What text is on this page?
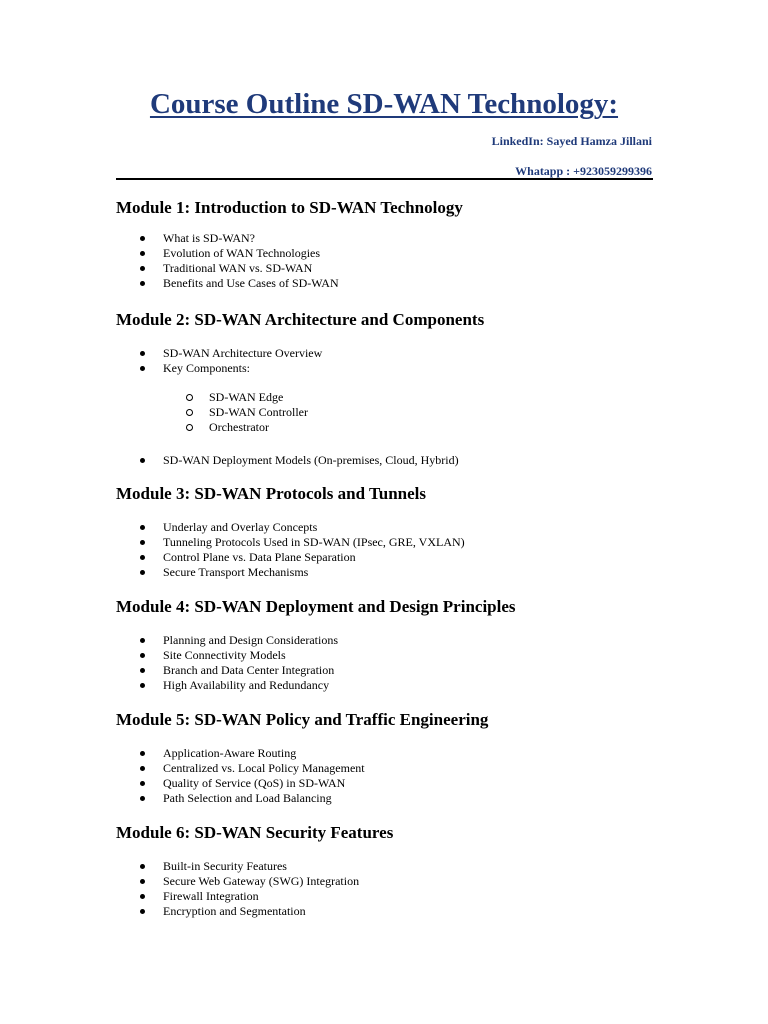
Course Outline SD-WAN Technology:
LinkedIn: Sayed Hamza Jillani
Whatapp : +923059299396
Module 1: Introduction to SD-WAN Technology
What is SD-WAN?
Evolution of WAN Technologies
Traditional WAN vs. SD-WAN
Benefits and Use Cases of SD-WAN
Module 2: SD-WAN Architecture and Components
SD-WAN Architecture Overview
Key Components:
SD-WAN Edge
SD-WAN Controller
Orchestrator
SD-WAN Deployment Models (On-premises, Cloud, Hybrid)
Module 3: SD-WAN Protocols and Tunnels
Underlay and Overlay Concepts
Tunneling Protocols Used in SD-WAN (IPsec, GRE, VXLAN)
Control Plane vs. Data Plane Separation
Secure Transport Mechanisms
Module 4: SD-WAN Deployment and Design Principles
Planning and Design Considerations
Site Connectivity Models
Branch and Data Center Integration
High Availability and Redundancy
Module 5: SD-WAN Policy and Traffic Engineering
Application-Aware Routing
Centralized vs. Local Policy Management
Quality of Service (QoS) in SD-WAN
Path Selection and Load Balancing
Module 6: SD-WAN Security Features
Built-in Security Features
Secure Web Gateway (SWG) Integration
Firewall Integration
Encryption and Segmentation
